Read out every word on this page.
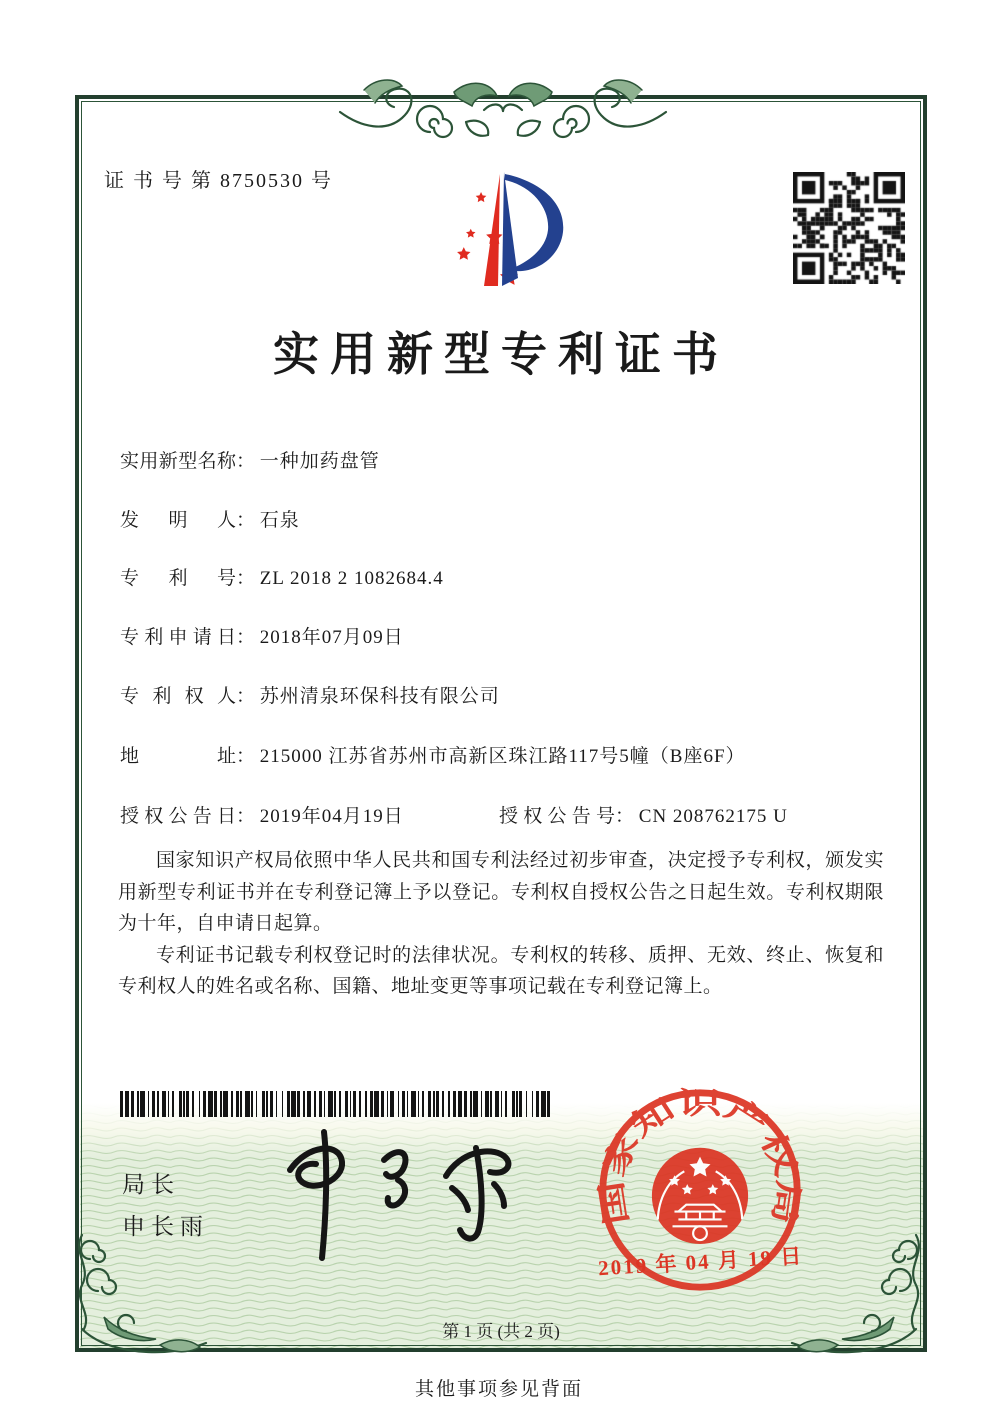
证 书 号 第 8750530 号
实用新型专利证书
实用新型名称： 一种加药盘管
发明人： 石泉
专利号： ZL 2018 2 1082684.4
专利申请日： 2018年07月09日
专利权人： 苏州清泉环保科技有限公司
地址： 215000 江苏省苏州市高新区珠江路117号5幢（B座6F）
授权公告日： 2019年04月19日	授权公告号： CN 208762175 U

国家知识产权局依照中华人民共和国专利法经过初步审查，决定授予专利权，颁发实用新型专利证书并在专利登记簿上予以登记。专利权自授权公告之日起生效。专利权期限为十年，自申请日起算。

专利证书记载专利权登记时的法律状况。专利权的转移、质押、无效、终止、恢复和专利权人的姓名或名称、国籍、地址变更等事项记载在专利登记簿上。

局长
申长雨	国家知识产权局
2019 年 04 月 19 日
第 1 页 (共 2 页)
其他事项参见背面
